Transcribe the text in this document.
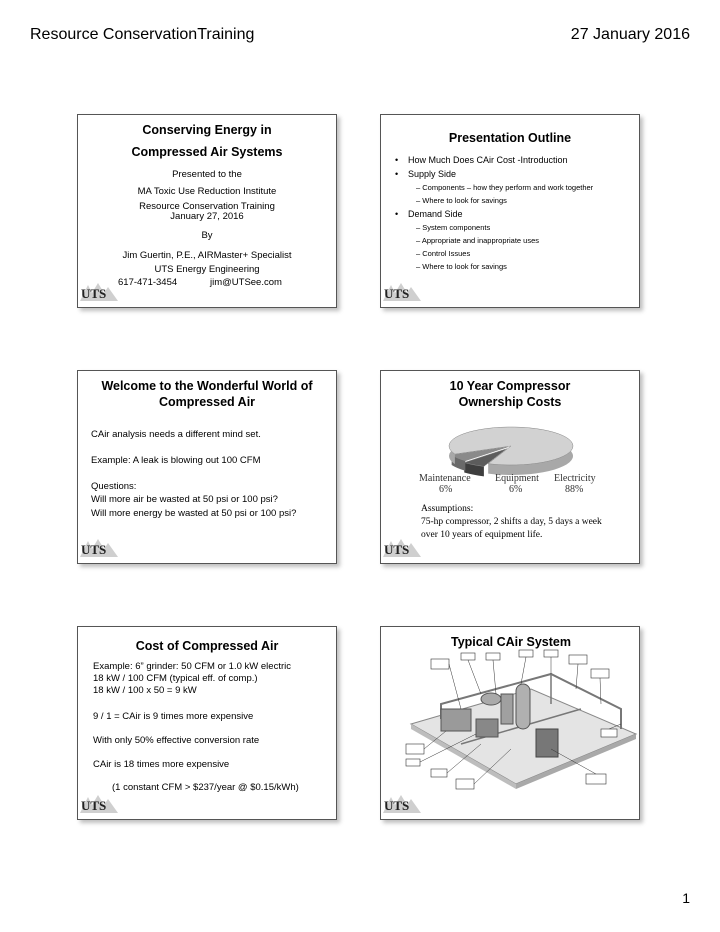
Resource ConservationTraining	27 January 2016
Conserving Energy in
Compressed Air Systems
Presented to the
MA Toxic Use Reduction Institute
Resource Conservation Training
January 27, 2016
By
Jim Guertin, P.E., AIRMaster+ Specialist
UTS Energy Engineering
617-471-3454	jim@UTSee.com
Presentation Outline
• How Much Does CAir Cost -Introduction
• Supply Side
– Components – how they perform and work together
– Where to look for savings
• Demand Side
– System components
– Appropriate and inappropriate uses
– Control Issues
– Where to look for savings
Welcome to the Wonderful World of
Compressed Air
CAir analysis needs a different mind set.
Example: A leak is blowing out 100 CFM
Questions:
Will more air be wasted at 50 psi or 100 psi?
Will more energy be wasted at 50 psi or 100 psi?
10 Year Compressor
Ownership Costs
Maintenance
6%
Equipment
6%
Electricity
88%
Assumptions:
75-hp compressor, 2 shifts a day, 5 days a week
over 10 years of equipment life.
Cost of Compressed Air
Example: 6” grinder: 50 CFM or 1.0 kW electric
18 kW / 100 CFM (typical eff. of comp.)
18 kW / 100 x 50 = 9 kW
9 / 1 = CAir is 9 times more expensive
With only 50% effective conversion rate
CAir is 18 times more expensive
(1 constant CFM > $237/year @ $0.15/kWh)
Typical CAir System
1
